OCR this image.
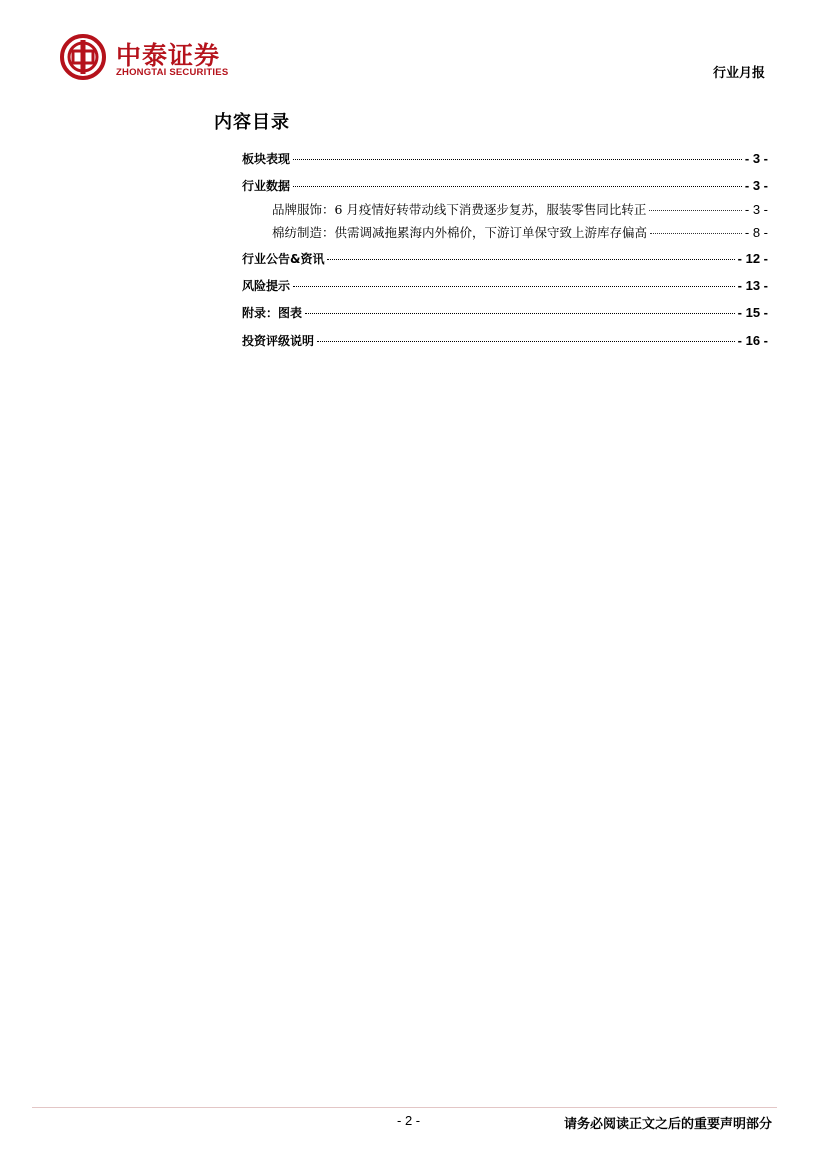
中泰证券
ZHONGTAI SECURITIES	行业月报
内容目录
板块表现	- 3 -
行业数据	- 3 -
品牌服饰：6 月疫情好转带动线下消费逐步复苏，服装零售同比转正	- 3 -
棉纺制造：供需调减拖累海内外棉价，下游订单保守致上游库存偏高	- 8 -
行业公告&资讯	- 12 -
风险提示	- 13 -
附录：图表	- 15 -
投资评级说明	- 16 -
- 2 -	请务必阅读正文之后的重要声明部分
